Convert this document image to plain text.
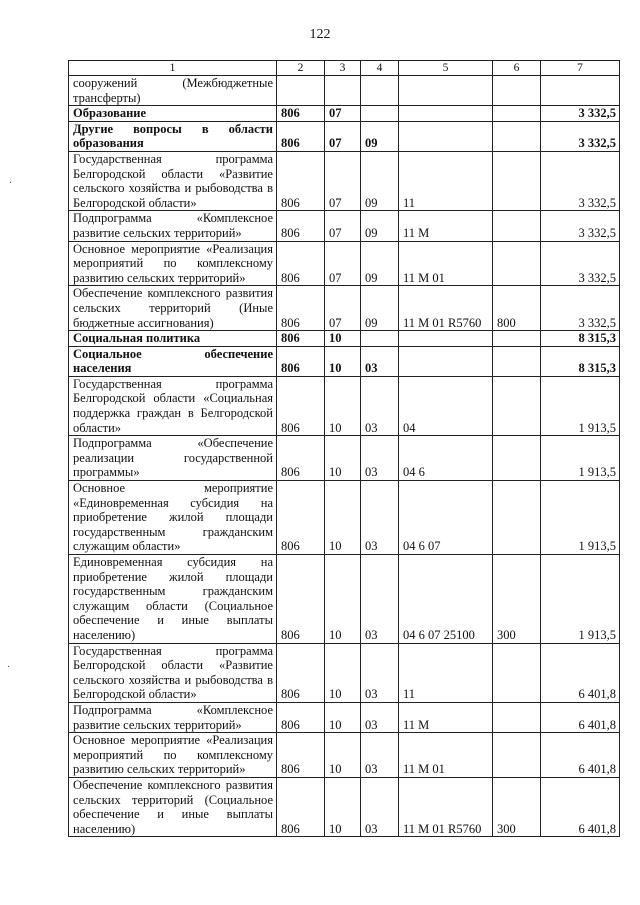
122
·
·
1	2	3	4	5	6	7
сооружений (Межбюджетные трансферты)						
Образование	806	07				3 332,5
Другие вопросы в области образования	806	07	09			3 332,5
Государственная программа Белгородской области «Развитие сельского хозяйства и рыбоводства в Белгородской области»	806	07	09	11		3 332,5
Подпрограмма «Комплексное развитие сельских территорий»	806	07	09	11 М		3 332,5
Основное мероприятие «Реализация мероприятий по комплексному развитию сельских территорий»	806	07	09	11 М 01		3 332,5
Обеспечение комплексного развития сельских территорий (Иные бюджетные ассигнования)	806	07	09	11 М 01 R5760	800	3 332,5
Социальная политика	806	10				8 315,3
Социальное обеспечение населения	806	10	03			8 315,3
Государственная программа Белгородской области «Социальная поддержка граждан в Белгородской области»	806	10	03	04		1 913,5
Подпрограмма «Обеспечение реализации государственной программы»	806	10	03	04 6		1 913,5
Основное мероприятие «Единовременная субсидия на приобретение жилой площади государственным гражданским служащим области»	806	10	03	04 6 07		1 913,5
Единовременная субсидия на приобретение жилой площади государственным гражданским служащим области (Социальное обеспечение и иные выплаты населению)	806	10	03	04 6 07 25100	300	1 913,5
Государственная программа Белгородской области «Развитие сельского хозяйства и рыбоводства в Белгородской области»	806	10	03	11		6 401,8
Подпрограмма «Комплексное развитие сельских территорий»	806	10	03	11 М		6 401,8
Основное мероприятие «Реализация мероприятий по комплексному развитию сельских территорий»	806	10	03	11 М 01		6 401,8
Обеспечение комплексного развития сельских территорий (Социальное обеспечение и иные выплаты населению)	806	10	03	11 М 01 R5760	300	6 401,8
